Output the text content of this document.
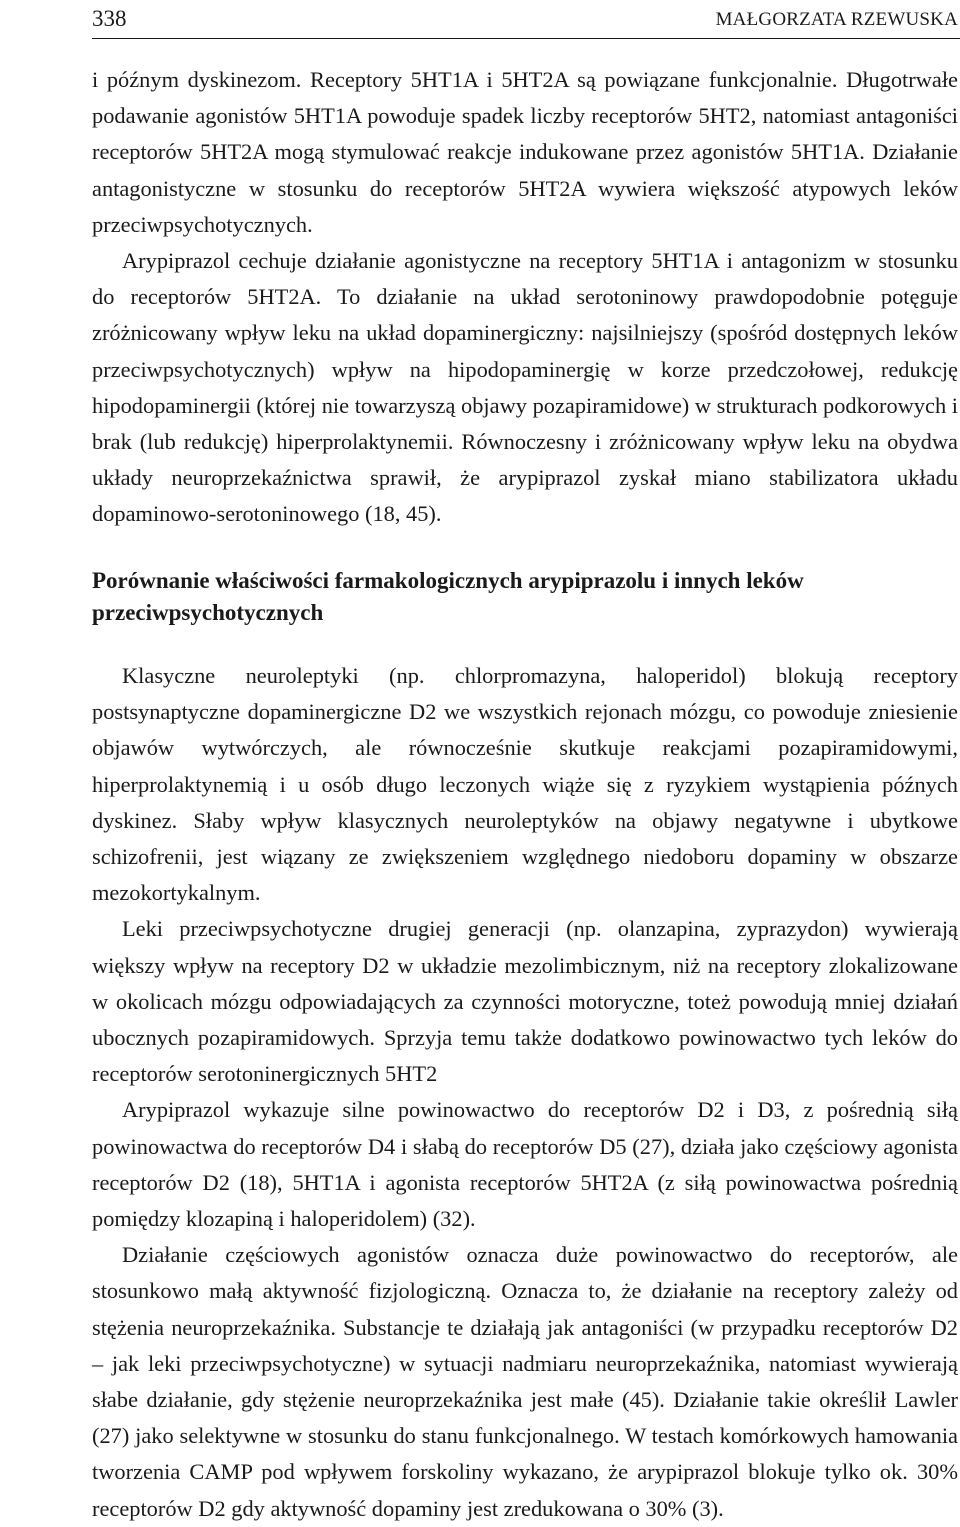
338	MAŁGORZATA RZEWUSKA

i późnym dyskinezom. Receptory 5HT1A i 5HT2A są powiązane funkcjonalnie. Długotrwałe podawanie agonistów 5HT1A powoduje spadek liczby receptorów 5HT2, natomiast antagoniści receptorów 5HT2A mogą stymulować reakcje indukowane przez agonistów 5HT1A. Działanie antagonistyczne w stosunku do receptorów 5HT2A wywiera większość atypowych leków przeciwpsychotycznych.

Arypiprazol cechuje działanie agonistyczne na receptory 5HT1A i antagonizm w stosunku do receptorów 5HT2A. To działanie na układ serotoninowy prawdopodobnie potęguje zróżnicowany wpływ leku na układ dopaminergiczny: najsilniejszy (spośród dostępnych leków przeciwpsychotycznych) wpływ na hipodopaminergię w korze przedczołowej, redukcję hipodopaminergii (której nie towarzyszą objawy pozapiramidowe) w strukturach podkorowych i brak (lub redukcję) hiperprolaktynemii. Równoczesny i zróżnicowany wpływ leku na obydwa układy neuroprzekaźnictwa sprawił, że arypiprazol zyskał miano stabilizatora układu dopaminowo-serotoninowego (18, 45).

Porównanie właściwości farmakologicznych arypiprazolu i innych leków przeciwpsychotycznych

Klasyczne neuroleptyki (np. chlorpromazyna, haloperidol) blokują receptory postsynaptyczne dopaminergiczne D2 we wszystkich rejonach mózgu, co powoduje zniesienie objawów wytwórczych, ale równocześnie skutkuje reakcjami pozapiramidowymi, hiperprolaktynemią i u osób długo leczonych wiąże się z ryzykiem wystąpienia późnych dyskinez. Słaby wpływ klasycznych neuroleptyków na objawy negatywne i ubytkowe schizofrenii, jest wiązany ze zwiększeniem względnego niedoboru dopaminy w obszarze mezokortykalnym.

Leki przeciwpsychotyczne drugiej generacji (np. olanzapina, zyprazydon) wywierają większy wpływ na receptory D2 w układzie mezolimbicznym, niż na receptory zlokalizowane w okolicach mózgu odpowiadających za czynności motoryczne, toteż powodują mniej działań ubocznych pozapiramidowych. Sprzyja temu także dodatkowo powinowactwo tych leków do receptorów serotoninergicznych 5HT2

Arypiprazol wykazuje silne powinowactwo do receptorów D2 i D3, z pośrednią siłą powinowactwa do receptorów D4 i słabą do receptorów D5 (27), działa jako częściowy agonista receptorów D2 (18), 5HT1A i agonista receptorów 5HT2A (z siłą powinowactwa pośrednią pomiędzy klozapiną i haloperidolem) (32).

Działanie częściowych agonistów oznacza duże powinowactwo do receptorów, ale stosunkowo małą aktywność fizjologiczną. Oznacza to, że działanie na receptory zależy od stężenia neuroprzekaźnika. Substancje te działają jak antagoniści (w przypadku receptorów D2 – jak leki przeciwpsychotyczne) w sytuacji nadmiaru neuroprzekaźnika, natomiast wywierają słabe działanie, gdy stężenie neuroprzekaźnika jest małe (45). Działanie takie określił Lawler (27) jako selektywne w stosunku do stanu funkcjonalnego. W testach komórkowych hamowania tworzenia CAMP pod wpływem forskoliny wykazano, że arypiprazol blokuje tylko ok. 30% receptorów D2 gdy aktywność dopaminy jest zredukowana o 30% (3).
